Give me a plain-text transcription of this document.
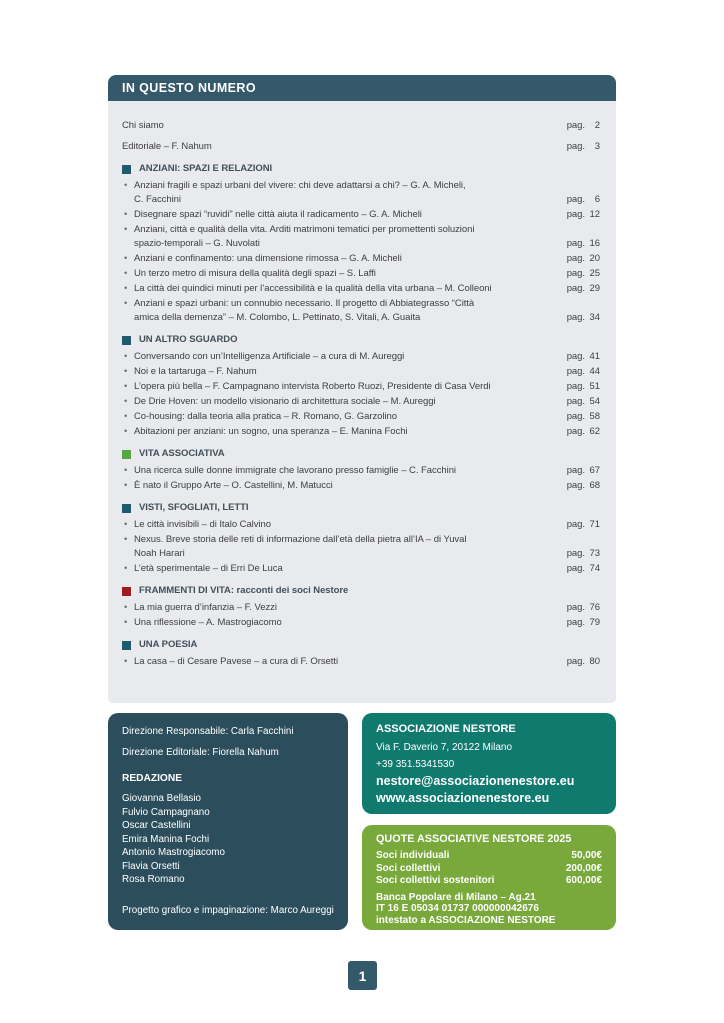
IN QUESTO NUMERO
Chi siamo	pag.	2
Editoriale – F. Nahum	pag.	3
ANZIANI: SPAZI E RELAZIONI
• Anziani fragili e spazi urbani del vivere: chi deve adattarsi a chi? – G. A. Micheli,
C. Facchini	pag.	6
• Disegnare spazi “ruvidi” nelle città aiuta il radicamento – G. A. Micheli	pag. 12
• Anziani, città e qualità della vita. Arditi matrimoni tematici per promettenti soluzioni
spazio-temporali – G. Nuvolati	pag. 16
• Anziani e confinamento: una dimensione rimossa – G. A. Micheli	pag. 20
• Un terzo metro di misura della qualità degli spazi – S. Laffi	pag. 25
• La città dei quindici minuti per l’accessibilità e la qualità della vita urbana – M. Colleoni	pag. 29
• Anziani e spazi urbani: un connubio necessario. Il progetto di Abbiategrasso “Città
amica della demenza” – M. Colombo, L. Pettinato, S. Vitali, A. Guaita	pag. 34
UN ALTRO SGUARDO
• Conversando con un’Intelligenza Artificiale – a cura di M. Aureggi	pag. 41
• Noi e la tartaruga – F. Nahum	pag. 44
• L’opera più bella – F. Campagnano intervista Roberto Ruozi, Presidente di Casa Verdi	pag. 51
• De Drie Hoven: un modello visionario di architettura sociale – M. Aureggi	pag. 54
• Co-housing: dalla teoria alla pratica – R. Romano, G. Garzolino	pag. 58
• Abitazioni per anziani: un sogno, una speranza – E. Manina Fochi	pag. 62
VITA ASSOCIATIVA
• Una ricerca sulle donne immigrate che lavorano presso famiglie – C. Facchini	pag. 67
• È nato il Gruppo Arte – O. Castellini, M. Matucci	pag. 68
VISTI, SFOGLIATI, LETTI
• Le città invisibili – di Italo Calvino	pag. 71
• Nexus. Breve storia delle reti di informazione dall’età della pietra all’IA – di Yuval
Noah Harari	pag. 73
• L’età sperimentale – di Erri De Luca	pag. 74
FRAMMENTI DI VITA: racconti dei soci Nestore
• La mia guerra d’infanzia – F. Vezzi	pag. 76
• Una riflessione – A. Mastrogiacomo	pag. 79
UNA POESIA
• La casa – di Cesare Pavese – a cura di F. Orsetti	pag. 80
Direzione Responsabile: Carla Facchini
Direzione Editoriale: Fiorella Nahum
REDAZIONE
Giovanna Bellasio
Fulvio Campagnano
Oscar Castellini
Emira Manina Fochi
Antonio Mastrogiacomo
Flavia Orsetti
Rosa Romano
Progetto grafico e impaginazione: Marco Aureggi
ASSOCIAZIONE NESTORE
Via F. Daverio 7, 20122 Milano
+39 351.5341530
nestore@associazionenestore.eu
www.associazionenestore.eu
QUOTE ASSOCIATIVE NESTORE 2025
Soci individuali	50,00€
Soci collettivi	200,00€
Soci collettivi sostenitori	600,00€
Banca Popolare di Milano – Ag.21
IT 16 E 05034 01737 000000042676
intestato a ASSOCIAZIONE NESTORE
1
